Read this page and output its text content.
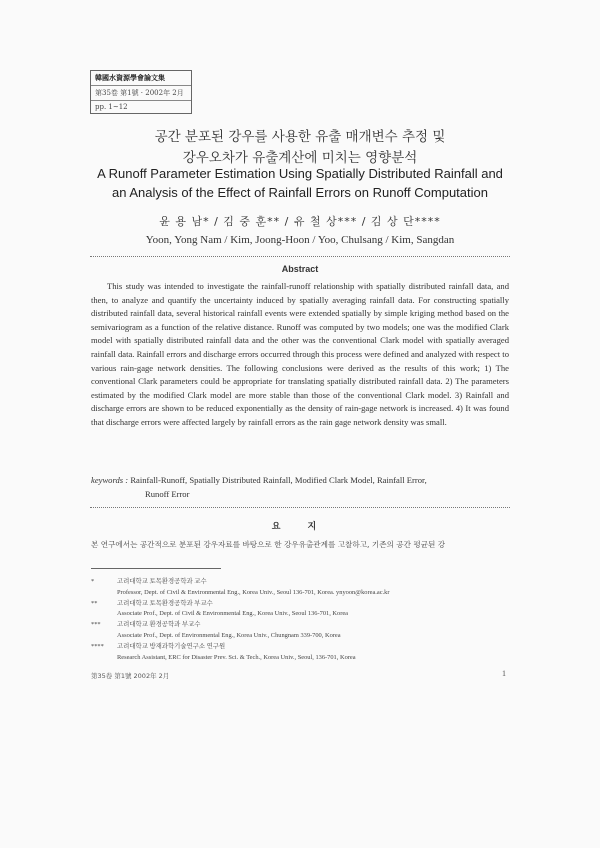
韓國水資源學會論文集
第35卷 第1號 · 2002年 2月
pp. 1~12
공간 분포된 강우를 사용한 유출 매개변수 추정 및
강우오차가 유출계산에 미치는 영향분석
A Runoff Parameter Estimation Using Spatially Distributed Rainfall and
an Analysis of the Effect of Rainfall Errors on Runoff Computation
윤 용 남* / 김 중 훈** / 유 철 상*** / 김 상 단****
Yoon, Yong Nam / Kim, Joong-Hoon / Yoo, Chulsang / Kim, Sangdan
Abstract

This study was intended to investigate the rainfall-runoff relationship with spatially distributed rainfall data, and then, to analyze and quantify the uncertainty induced by spatially averaging rainfall data. For constructing spatially distributed rainfall data, several historical rainfall events were extended spatially by simple kriging method based on the semivariogram as a function of the relative distance. Runoff was computed by two models; one was the modified Clark model with spatially distributed rainfall data and the other was the conventional Clark model with spatially averaged rainfall data. Rainfall errors and discharge errors occurred through this process were defined and analyzed with respect to various rain-gage network densities. The following conclusions were derived as the results of this work; 1) The conventional Clark parameters could be appropriate for translating spatially distributed rainfall data. 2) The parameters estimated by the modified Clark model are more stable than those of the conventional Clark model. 3) Rainfall and discharge errors are shown to be reduced exponentially as the density of rain-gage network is increased. 4) It was found that discharge errors were affected largely by rainfall errors as the rain gage network density was small.

keywords : Rainfall-Runoff, Spatially Distributed Rainfall, Modified Clark Model, Rainfall Error,
Runoff Error
요 지
본 연구에서는 공간적으로 분포된 강우자료를 바탕으로 한 강우유출관계를 고찰하고, 기존의 공간 평균된 강
*	고려대학교 토목환경공학과 교수
Professor, Dept. of Civil & Environmental Eng., Korea Univ., Seoul 136-701, Korea. ynyoon@korea.ac.kr
**	고려대학교 토목환경공학과 부교수
Associate Prof., Dept. of Civil & Environmental Eng., Korea Univ., Seoul 136-701, Korea
***	고려대학교 환경공학과 부교수
Associate Prof., Dept. of Environmental Eng., Korea Univ., Chungnam 339-700, Korea
****	고려대학교 방재과학기술연구소 연구원
Research Assistant, ERC for Disaster Prev. Sci. & Tech., Korea Univ., Seoul, 136-701, Korea
第35卷 第1號 2002年 2月	1
